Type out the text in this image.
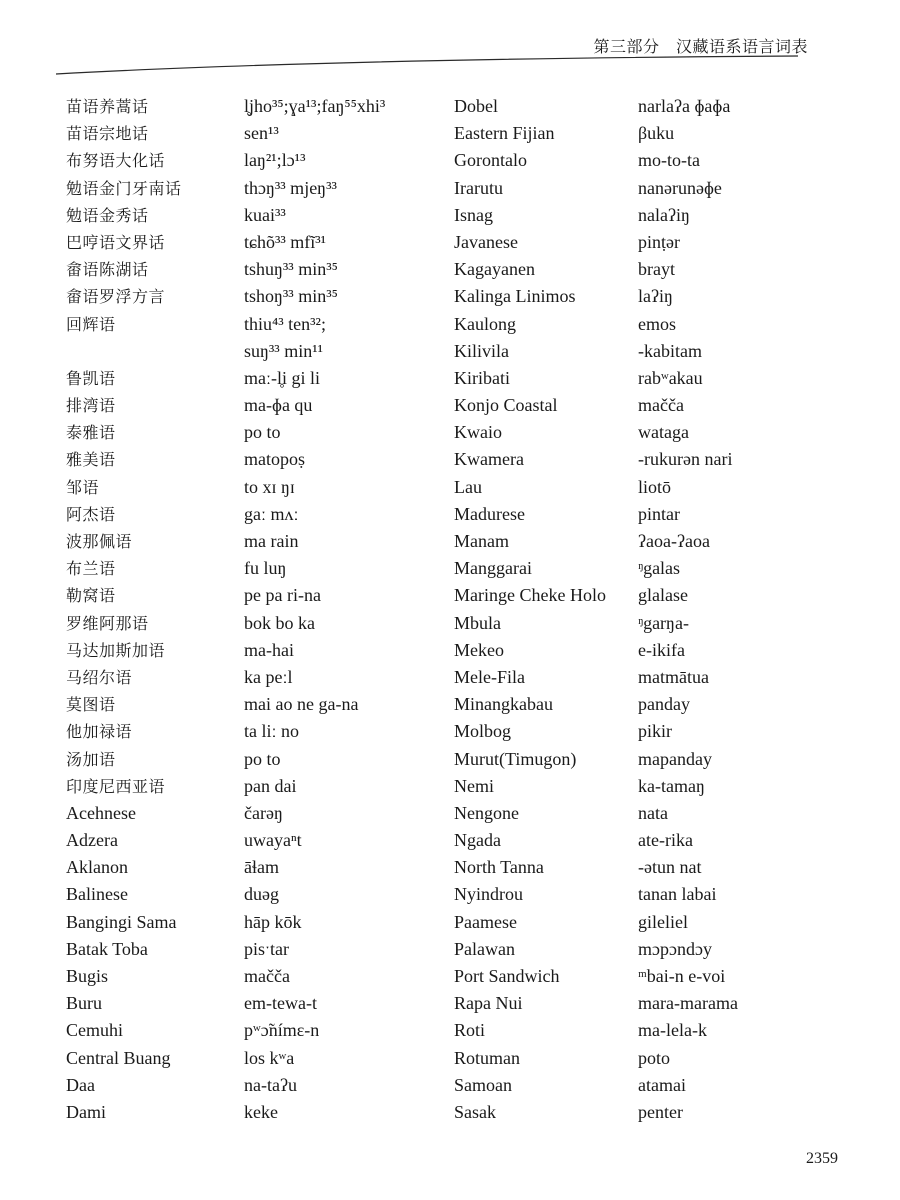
第三部分　汉藏语系语言词表
苗语养蒿话
苗语宗地话
布努语大化话
勉语金门牙南话
勉语金秀话
巴哼语文界话
畲语陈湖话
畲语罗浮方言
回辉语
鲁凯语
排湾语
泰雅语
雅美语
邹语
阿杰语
波那佩语
布兰语
勒窝语
罗维阿那语
马达加斯加语
马绍尔语
莫图语
他加禄语
汤加语
印度尼西亚语
Acehnese
Adzera
Aklanon
Balinese
Bangingi Sama
Batak Toba
Bugis
Buru
Cemuhi
Central Buang
Daa
Dami
l̥jho³⁵;ɣa¹³;faŋ⁵⁵xhi³
sen¹³
laŋ²¹;lɔ¹³
thɔŋ³³ mjeŋ³³
kuai³³
tɕhõ³³ mfĩ³¹
tshuŋ³³ min³⁵
tshoŋ³³ min³⁵
thiu⁴³ ten³²;
suŋ³³ min¹¹
maː-l̥i gi li
ma-ɸa qu
po to
matopoṣ
to xɪ ŋɪ
gaː mʌː
ma rain
fu luŋ
pe pa ri-na
bok bo ka
ma-hai
ka peːl
mai ao ne ga-na
ta liː no
po to
pan dai
čarəŋ
uwayaⁿt
āɬam
duəg
hāp kōk
pisˑtar
mačča
em-tewa-t
pʷɔ̃nímɛ-n
los kʷa
na-taʔu
keke
Dobel
Eastern Fijian
Gorontalo
Irarutu
Isnag
Javanese
Kagayanen
Kalinga Linimos
Kaulong
Kilivila
Kiribati
Konjo Coastal
Kwaio
Kwamera
Lau
Madurese
Manam
Manggarai
Maringe Cheke Holo
Mbula
Mekeo
Mele-Fila
Minangkabau
Molbog
Murut(Timugon)
Nemi
Nengone
Ngada
North Tanna
Nyindrou
Paamese
Palawan
Port Sandwich
Rapa Nui
Roti
Rotuman
Samoan
Sasak
narlaʔa ɸaɸa
βuku
mo-to-ta
nanərunəɸe
nalaʔiŋ
pinṭər
brayt
laʔiŋ
emos
-kabitam
rabʷakau
mačča
wataga
-rukurən nari
liotō
pintar
ʔaoa-ʔaoa
ᵑgalas
glalase
ᵑgarŋa-
e-ikifa
matmātua
panday
pikir
mapanday
ka-tamaŋ
nata
ate-rika
-ətun nat
tanan labai
gileliel
mɔpɔndɔy
ᵐbai-n e-voi
mara-marama
ma-lela-k
poto
atamai
penter
2359
